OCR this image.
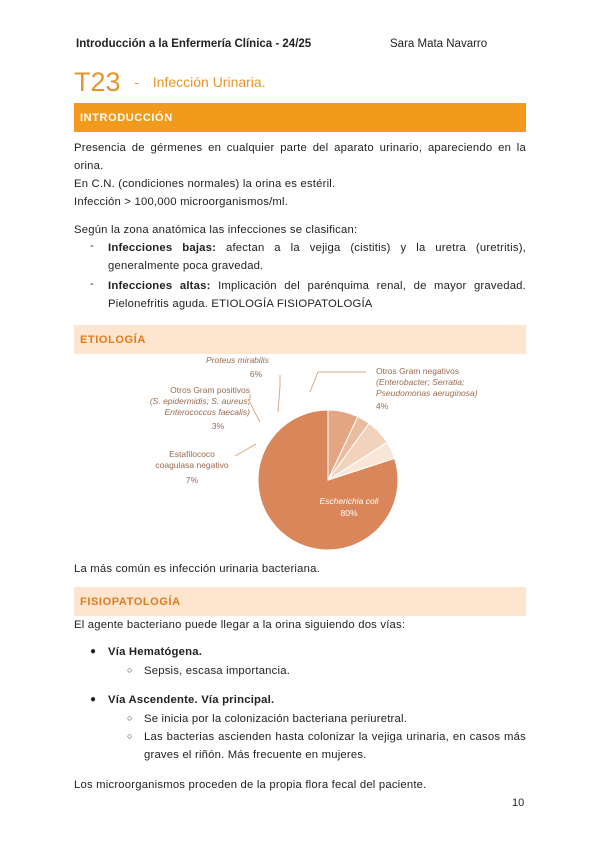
Introducción a la Enfermería Clínica - 24/25	Sara Mata Navarro
T23 - $^{Infección Urinaria.}$
INTRODUCCIÓN
Presencia de gérmenes en cualquier parte del aparato urinario, apareciendo en la orina.
En C.N. (condiciones normales) la orina es estéril.
Infección > 100,000 microorganismos/ml.
Según la zona anatómica las infecciones se clasifican:
- Infecciones bajas: afectan a la vejiga (cistitis) y la uretra (uretritis), generalmente poca gravedad.
- Infecciones altas: Implicación del parénquima renal, de mayor gravedad. Pielonefritis aguda. ETIOLOGÍA FISIOPATOLOGÍA
ETIOLOGÍA
Proteus mirabilis
6%
Otros Gram positivos
(S. epidermidis; S. aureus;
Enterococcus faecalis)
3%
Otros Gram negativos
(Enterobacter; Serratia;
Pseudomonas aeruginosa)
4%
Estafilococo
coagulasa negativo
7%
Escherichia coli
80%
La más común es infección urinaria bacteriana.
FISIOPATOLOGÍA
El agente bacteriano puede llegar a la orina siguiendo dos vías:
● Vía Hematógena.
○ Sepsis, escasa importancia.
● Vía Ascendente. Vía principal.
○ Se inicia por la colonización bacteriana periuretral.
○ Las bacterias ascienden hasta colonizar la vejiga urinaria, en casos más graves el riñón. Más frecuente en mujeres.
Los microorganismos proceden de la propia flora fecal del paciente.
10
